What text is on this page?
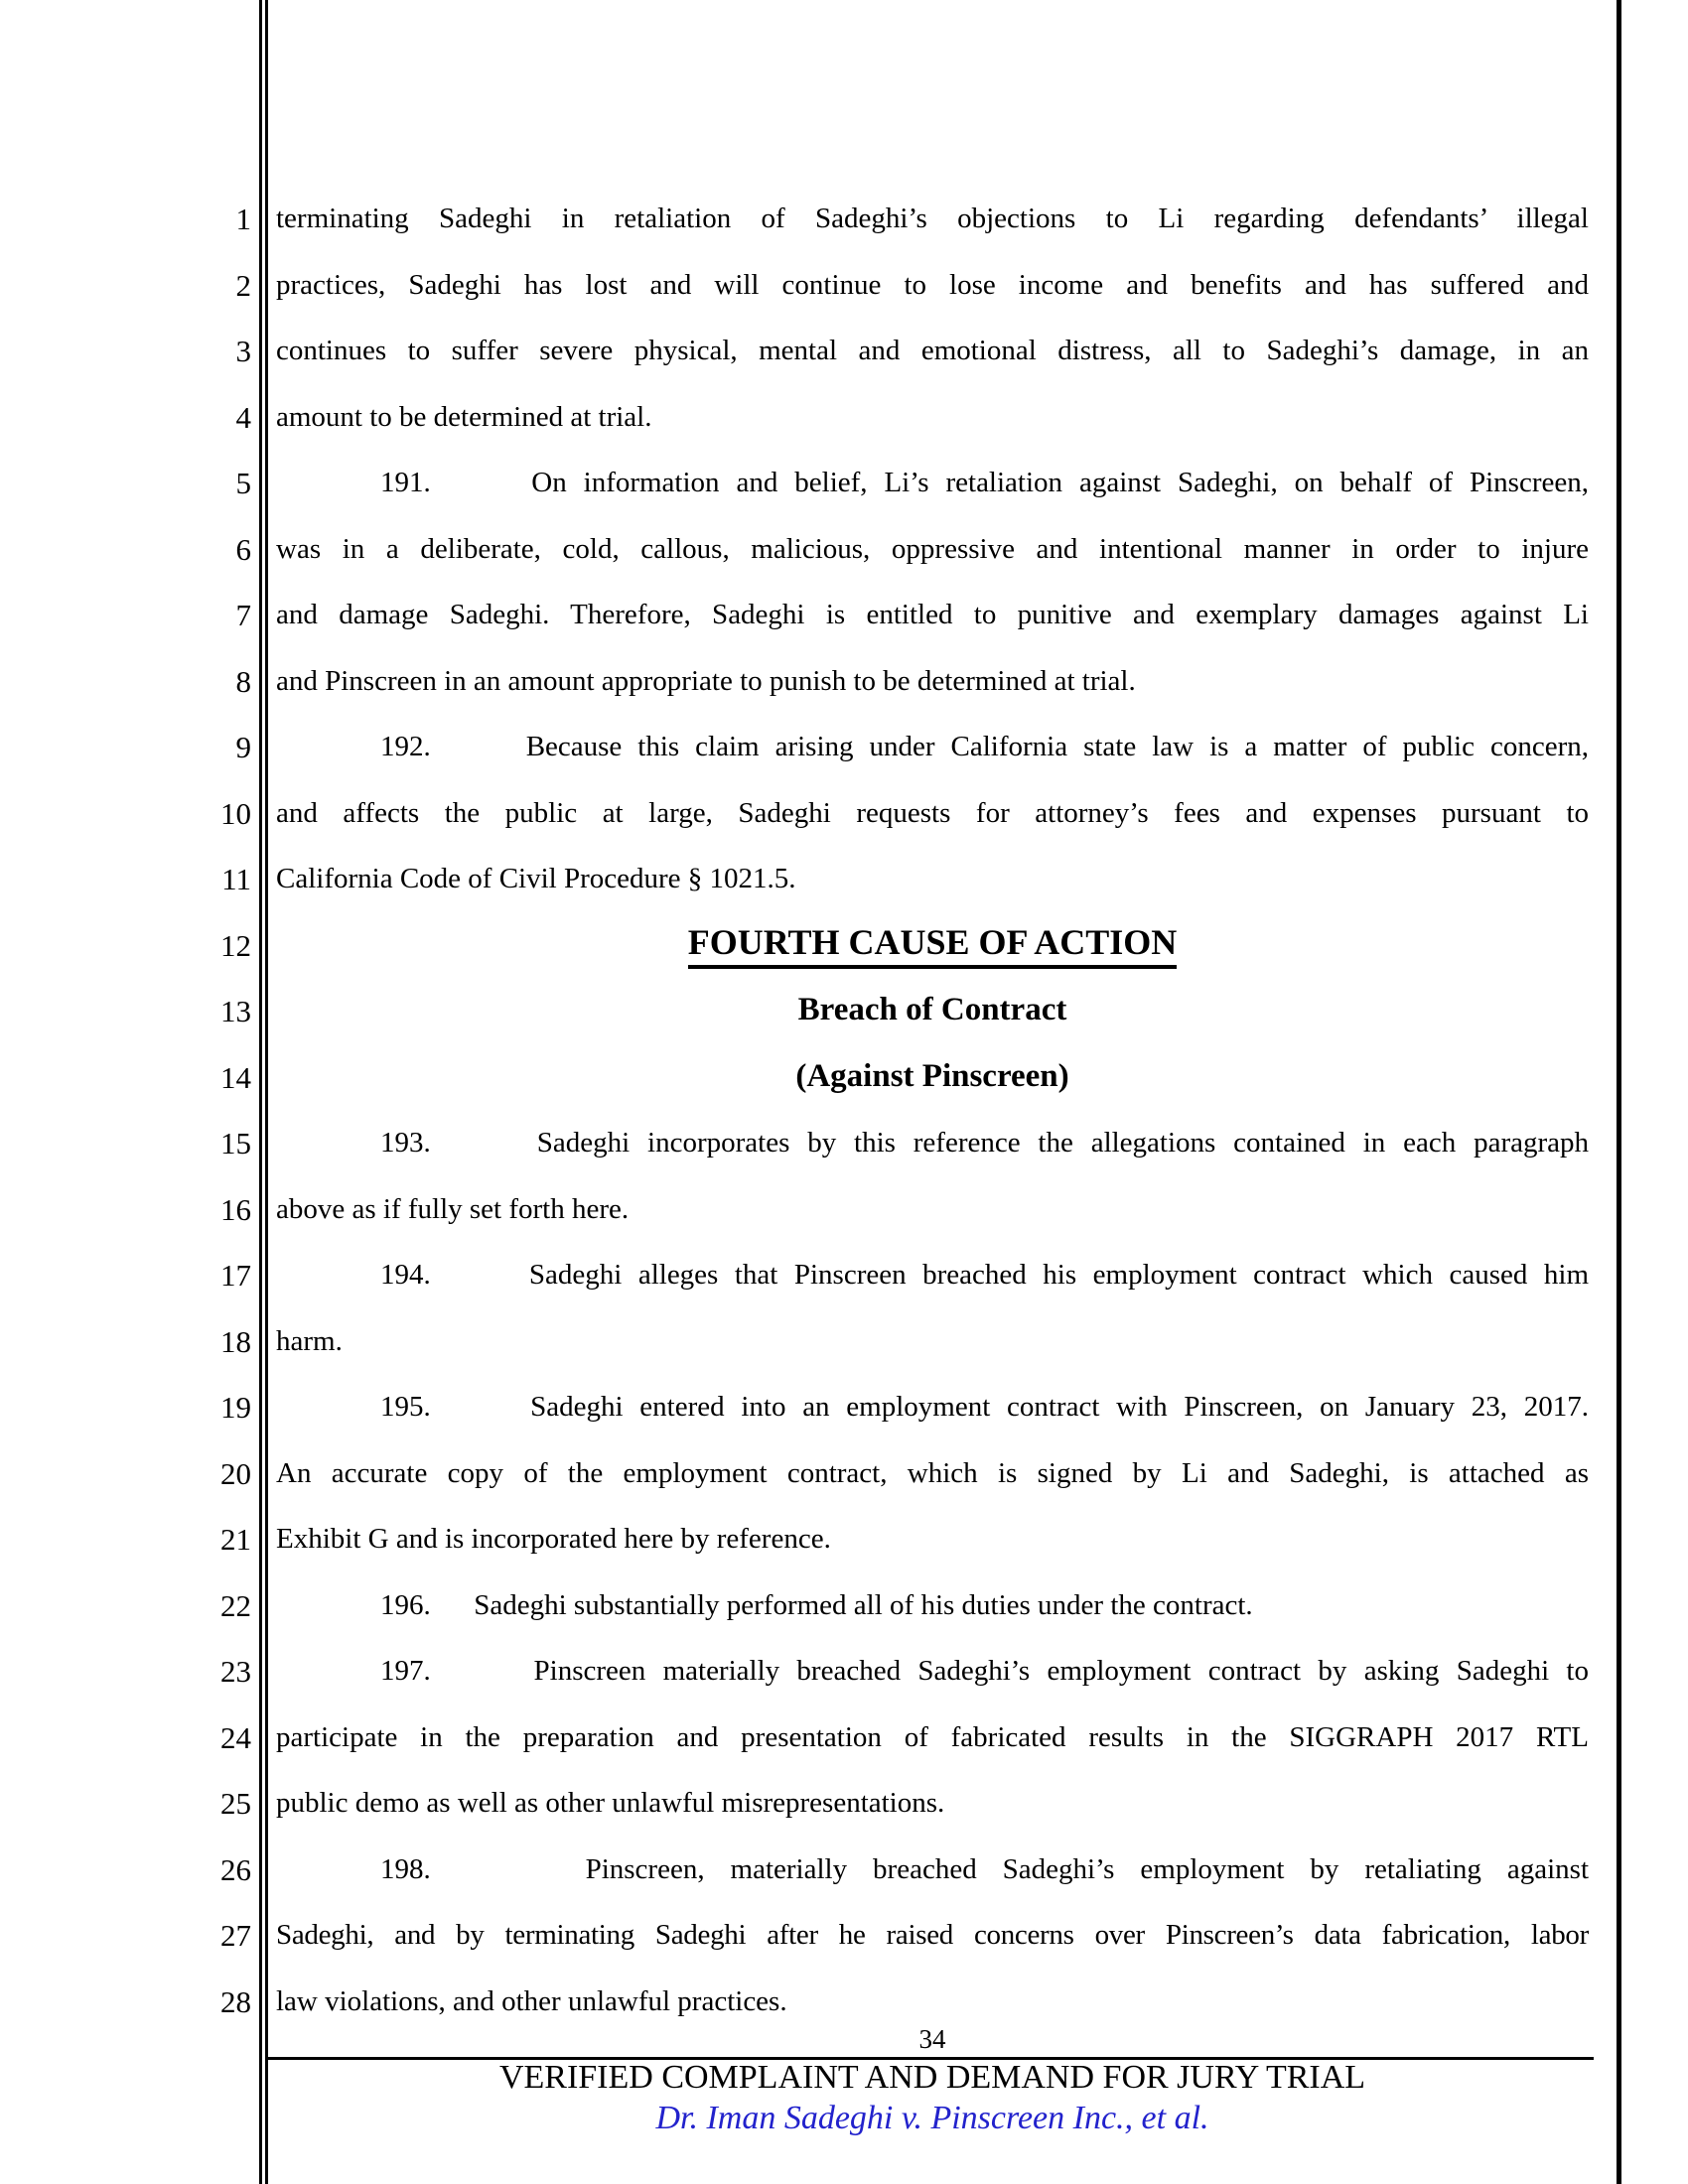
1
2
3
4
5
6
7
8
9
10
11
12
13
14
15
16
17
18
19
20
21
22
23
24
25
26
27
28
terminating Sadeghi in retaliation of Sadeghi’s objections to Li regarding defendants’ illegal
practices, Sadeghi has lost and will continue to lose income and benefits and has suffered and
continues to suffer severe physical, mental and emotional distress, all to Sadeghi’s damage, in an
amount to be determined at trial.
191.      On information and belief, Li’s retaliation against Sadeghi, on behalf of Pinscreen,
was in a deliberate, cold, callous, malicious, oppressive and intentional manner in order to injure
and damage Sadeghi. Therefore, Sadeghi is entitled to punitive and exemplary damages against Li
and Pinscreen in an amount appropriate to punish to be determined at trial.
192.      Because this claim arising under California state law is a matter of public concern,
and affects the public at large, Sadeghi requests for attorney’s fees and expenses pursuant to
California Code of Civil Procedure § 1021.5.
FOURTH CAUSE OF ACTION
Breach of Contract
(Against Pinscreen)
193.      Sadeghi incorporates by this reference the allegations contained in each paragraph
above as if fully set forth here.
194.      Sadeghi alleges that Pinscreen breached his employment contract which caused him
harm.
195.      Sadeghi entered into an employment contract with Pinscreen, on January 23, 2017.
An accurate copy of the employment contract, which is signed by Li and Sadeghi, is attached as
Exhibit G and is incorporated here by reference.
196.      Sadeghi substantially performed all of his duties under the contract.
197.      Pinscreen materially breached Sadeghi’s employment contract by asking Sadeghi to
participate in the preparation and presentation of fabricated results in the SIGGRAPH 2017 RTL
public demo as well as other unlawful misrepresentations.
198.      Pinscreen, materially breached Sadeghi’s employment by retaliating against
Sadeghi, and by terminating Sadeghi after he raised concerns over Pinscreen’s data fabrication, labor
law violations, and other unlawful practices.
34
VERIFIED COMPLAINT AND DEMAND FOR JURY TRIAL
Dr. Iman Sadeghi v. Pinscreen Inc., et al.
